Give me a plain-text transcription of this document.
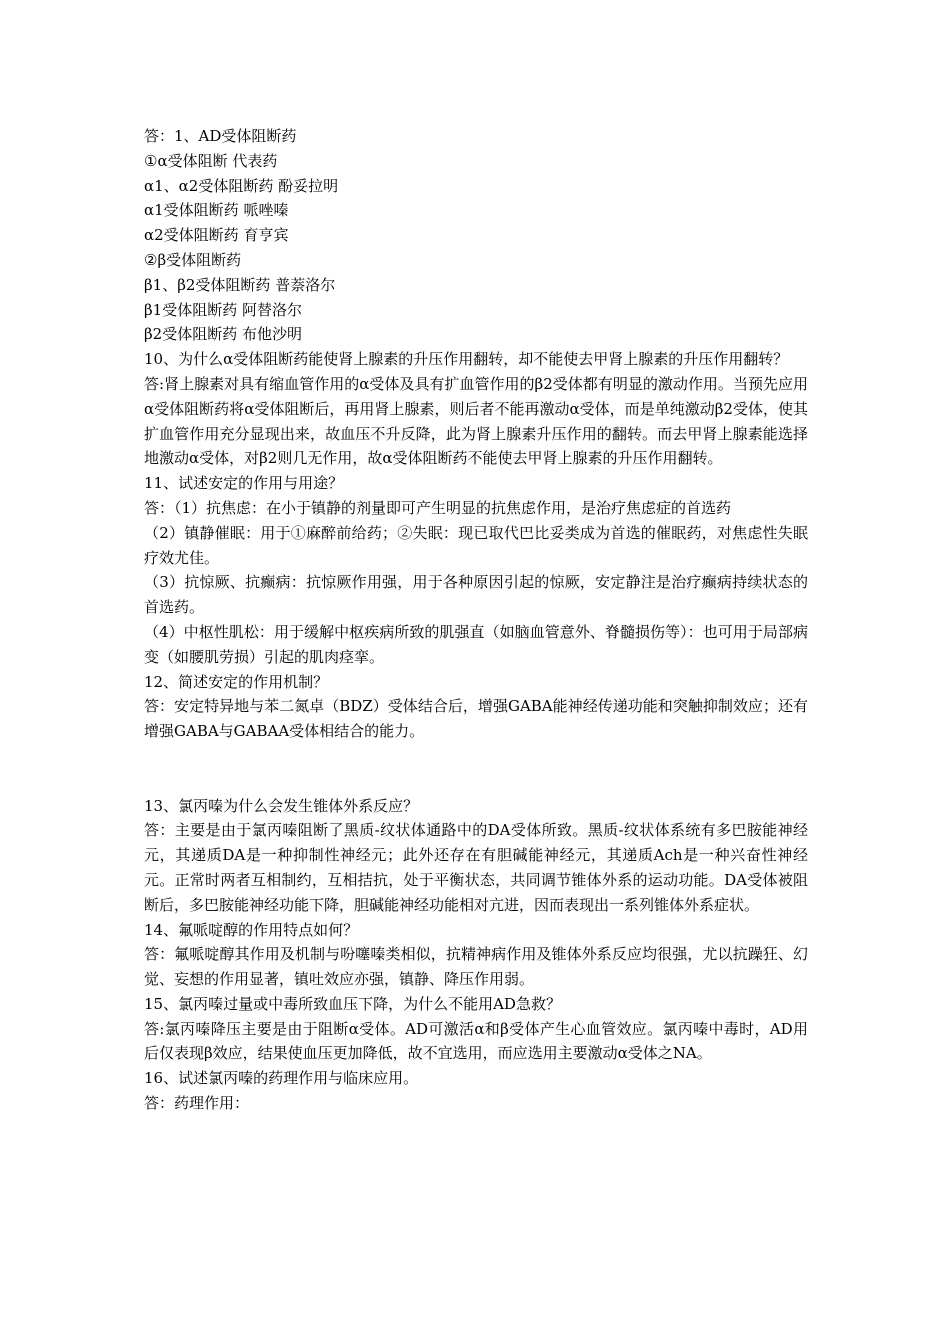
答：1、AD受体阻断药

①α受体阻断 代表药

α1、α2受体阻断药 酚妥拉明

α1受体阻断药 哌唑嗪

α2受体阻断药 育亨宾

②β受体阻断药

β1、β2受体阻断药 普萘洛尔

β1受体阻断药 阿替洛尔

β2受体阻断药 布他沙明

10、为什么α受体阻断药能使肾上腺素的升压作用翻转，却不能使去甲肾上腺素的升压作用翻转？

答:肾上腺素对具有缩血管作用的α受体及具有扩血管作用的β2受体都有明显的激动作用。当预先应用α受体阻断药将α受体阻断后，再用肾上腺素，则后者不能再激动α受体，而是单纯激动β2受体，使其扩血管作用充分显现出来，故血压不升反降，此为肾上腺素升压作用的翻转。而去甲肾上腺素能选择地激动α受体，对β2则几无作用，故α受体阻断药不能使去甲肾上腺素的升压作用翻转。

11、试述安定的作用与用途？

答：（1）抗焦虑：在小于镇静的剂量即可产生明显的抗焦虑作用，是治疗焦虑症的首选药

（2）镇静催眠：用于①麻醉前给药；②失眠：现已取代巴比妥类成为首选的催眠药，对焦虑性失眠疗效尤佳。

（3）抗惊厥、抗癫病：抗惊厥作用强，用于各种原因引起的惊厥，安定静注是治疗癫病持续状态的首选药。

（4）中枢性肌松：用于缓解中枢疾病所致的肌强直（如脑血管意外、脊髓损伤等）：也可用于局部病变（如腰肌劳损）引起的肌肉痉挛。

12、简述安定的作用机制？

答：安定特异地与苯二氮卓（BDZ）受体结合后，增强GABA能神经传递功能和突触抑制效应；还有增强GABA与GABAA受体相结合的能力。

13、氯丙嗪为什么会发生锥体外系反应？

答：主要是由于氯丙嗪阻断了黑质-纹状体通路中的DA受体所致。黑质-纹状体系统有多巴胺能神经元，其递质DA是一种抑制性神经元；此外还存在有胆碱能神经元，其递质Ach是一种兴奋性神经元。正常时两者互相制约，互相拮抗，处于平衡状态，共同调节锥体外系的运动功能。DA受体被阻断后，多巴胺能神经功能下降，胆碱能神经功能相对亢进，因而表现出一系列锥体外系症状。

14、氟哌啶醇的作用特点如何？

答：氟哌啶醇其作用及机制与吩噻嗪类相似，抗精神病作用及锥体外系反应均很强，尤以抗躁狂、幻觉、妄想的作用显著，镇吐效应亦强，镇静、降压作用弱。

15、氯丙嗪过量或中毒所致血压下降，为什么不能用AD急救？

答:氯丙嗪降压主要是由于阻断α受体。AD可激活α和β受体产生心血管效应。氯丙嗪中毒时，AD用后仅表现β效应，结果使血压更加降低，故不宜选用，而应选用主要激动α受体之NA。

16、试述氯丙嗪的药理作用与临床应用。

答：药理作用：
